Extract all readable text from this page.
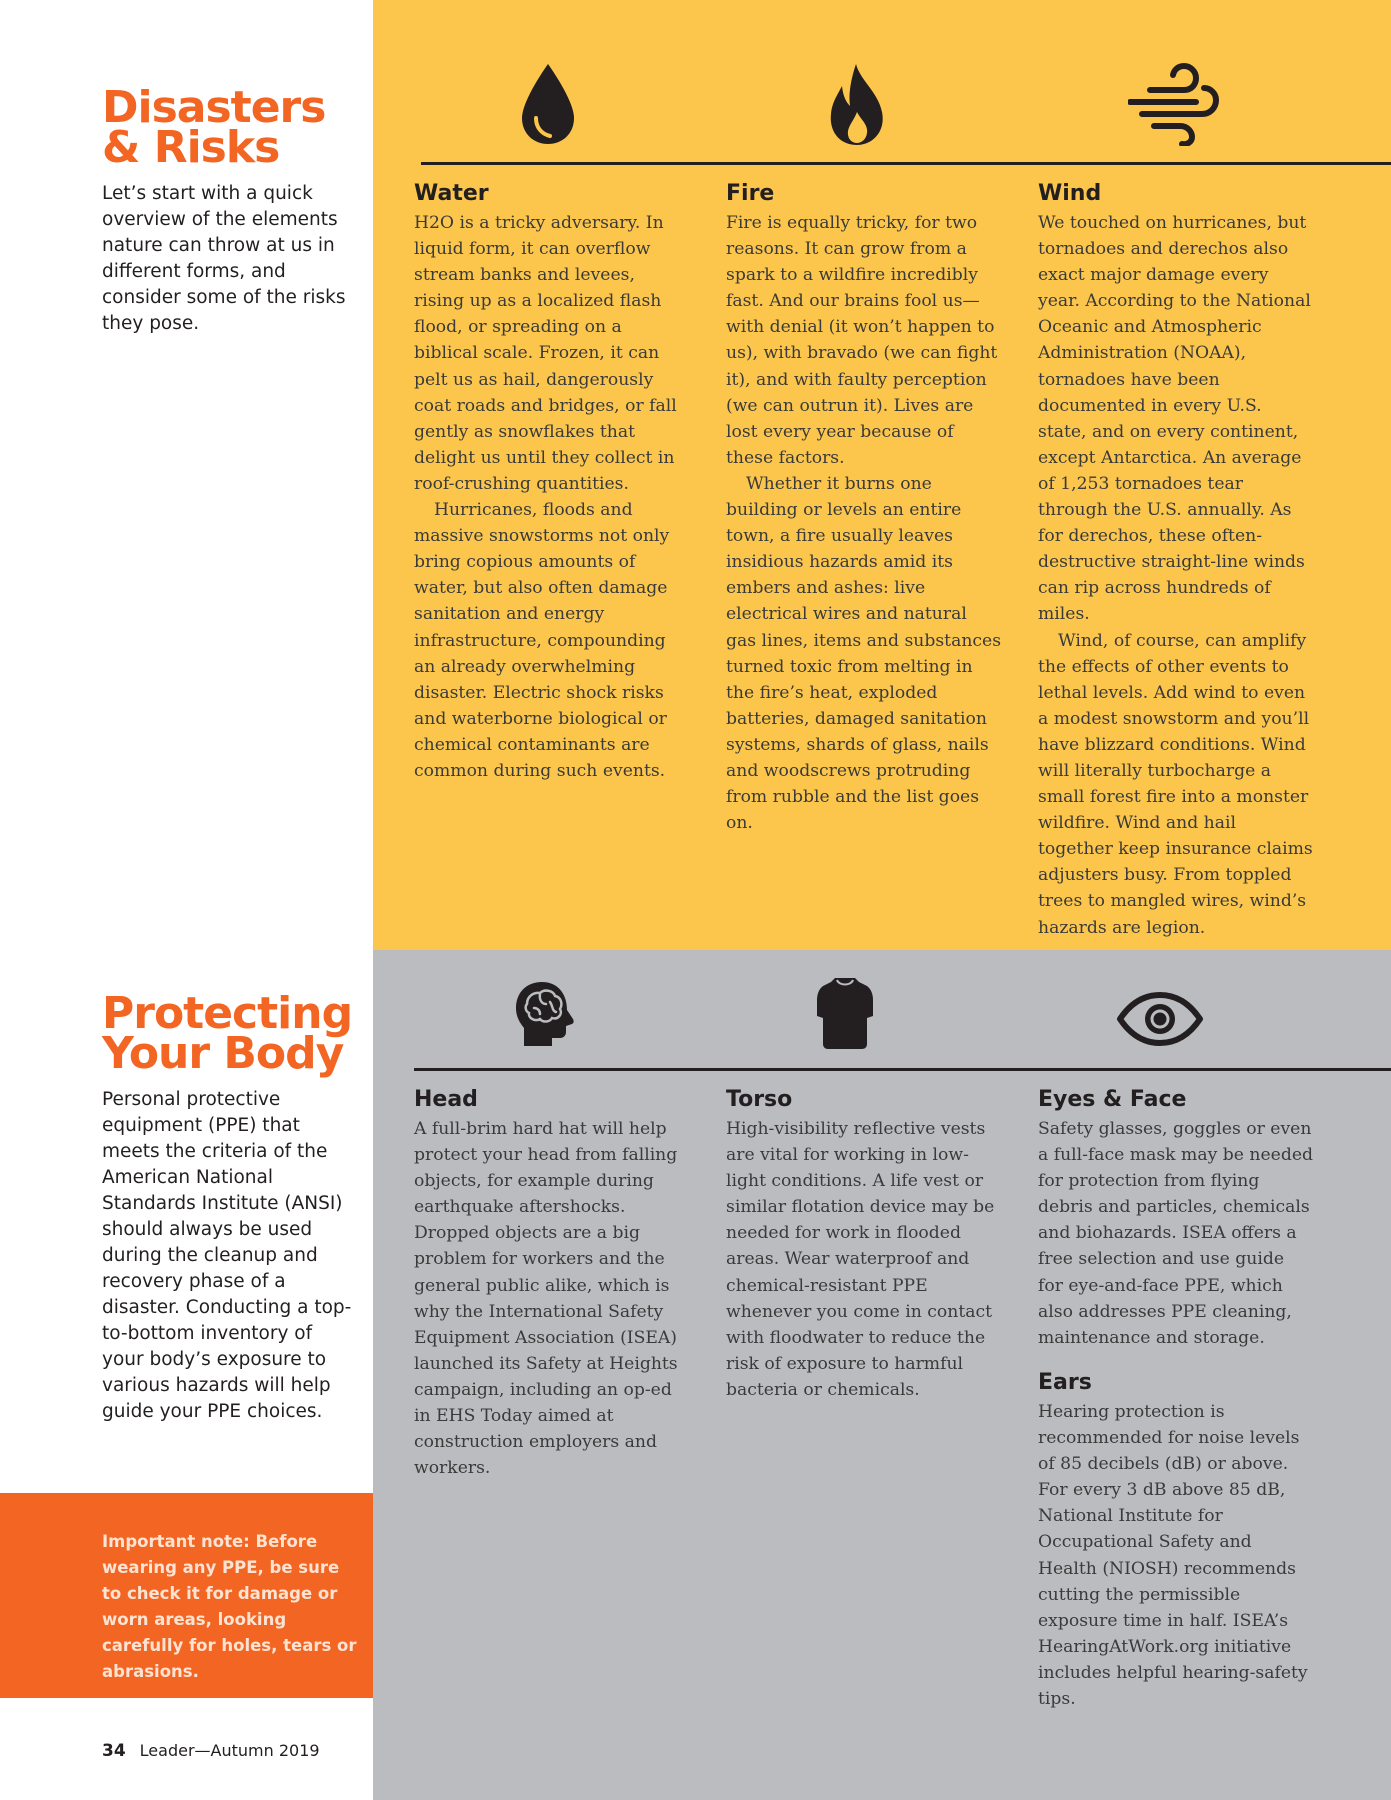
Disasters
& Risks

Let’s start with a quick overview of the elements nature can throw at us in different forms, and consider some of the risks they pose.

Water

H2O is a tricky adversary. In liquid form, it can overflow stream banks and levees, rising up as a localized flash flood, or spreading on a biblical scale. Frozen, it can pelt us as hail, dangerously coat roads and bridges, or fall gently as snowflakes that delight us until they collect in roof-crushing quantities.

Hurricanes, floods and massive snowstorms not only bring copious amounts of water, but also often damage sanitation and energy infrastructure, compounding an already overwhelming disaster. Electric shock risks and waterborne biological or chemical contaminants are common during such events.

Fire

Fire is equally tricky, for two reasons. It can grow from a spark to a wildfire incredibly fast. And our brains fool us—with denial (it won’t happen to us), with bravado (we can fight it), and with faulty perception (we can outrun it). Lives are lost every year because of these factors.

Whether it burns one building or levels an entire town, a fire usually leaves insidious hazards amid its embers and ashes: live electrical wires and natural gas lines, items and substances turned toxic from melting in the fire’s heat, exploded batteries, damaged sanitation systems, shards of glass, nails and woodscrews protruding from rubble and the list goes on.

Wind

We touched on hurricanes, but tornadoes and derechos also exact major damage every year. According to the National Oceanic and Atmospheric Administration (NOAA), tornadoes have been documented in every U.S. state, and on every continent, except Antarctica. An average of 1,253 tornadoes tear through the U.S. annually. As for derechos, these often-destructive straight-line winds can rip across hundreds of miles.

Wind, of course, can amplify the effects of other events to lethal levels. Add wind to even a modest snowstorm and you’ll have blizzard conditions. Wind will literally turbocharge a small forest fire into a monster wildfire. Wind and hail together keep insurance claims adjusters busy. From toppled trees to mangled wires, wind’s hazards are legion.

Protecting
Your Body

Personal protective equipment (PPE) that meets the criteria of the American National Standards Institute (ANSI) should always be used during the cleanup and recovery phase of a disaster. Conducting a top-to-bottom inventory of your body’s exposure to various hazards will help guide your PPE choices.

Important note: Before wearing any PPE, be sure to check it for damage or worn areas, looking carefully for holes, tears or abrasions.

Head

A full-brim hard hat will help protect your head from falling objects, for example during earthquake aftershocks. Dropped objects are a big problem for workers and the general public alike, which is why the International Safety Equipment Association (ISEA) launched its Safety at Heights campaign, including an op-ed in EHS Today aimed at construction employers and workers.

Torso

High-visibility reflective vests are vital for working in low-light conditions. A life vest or similar flotation device may be needed for work in flooded areas. Wear waterproof and chemical-resistant PPE whenever you come in contact with floodwater to reduce the risk of exposure to harmful bacteria or chemicals.

Eyes & Face

Safety glasses, goggles or even a full-face mask may be needed for protection from flying debris and particles, chemicals and biohazards. ISEA offers a free selection and use guide for eye-and-face PPE, which also addresses PPE cleaning, maintenance and storage.

Ears

Hearing protection is recommended for noise levels of 85 decibels (dB) or above. For every 3 dB above 85 dB, National Institute for Occupational Safety and Health (NIOSH) recommends cutting the permissible exposure time in half. ISEA’s HearingAtWork.org initiative includes helpful hearing-safety tips.

34 Leader—Autumn 2019
